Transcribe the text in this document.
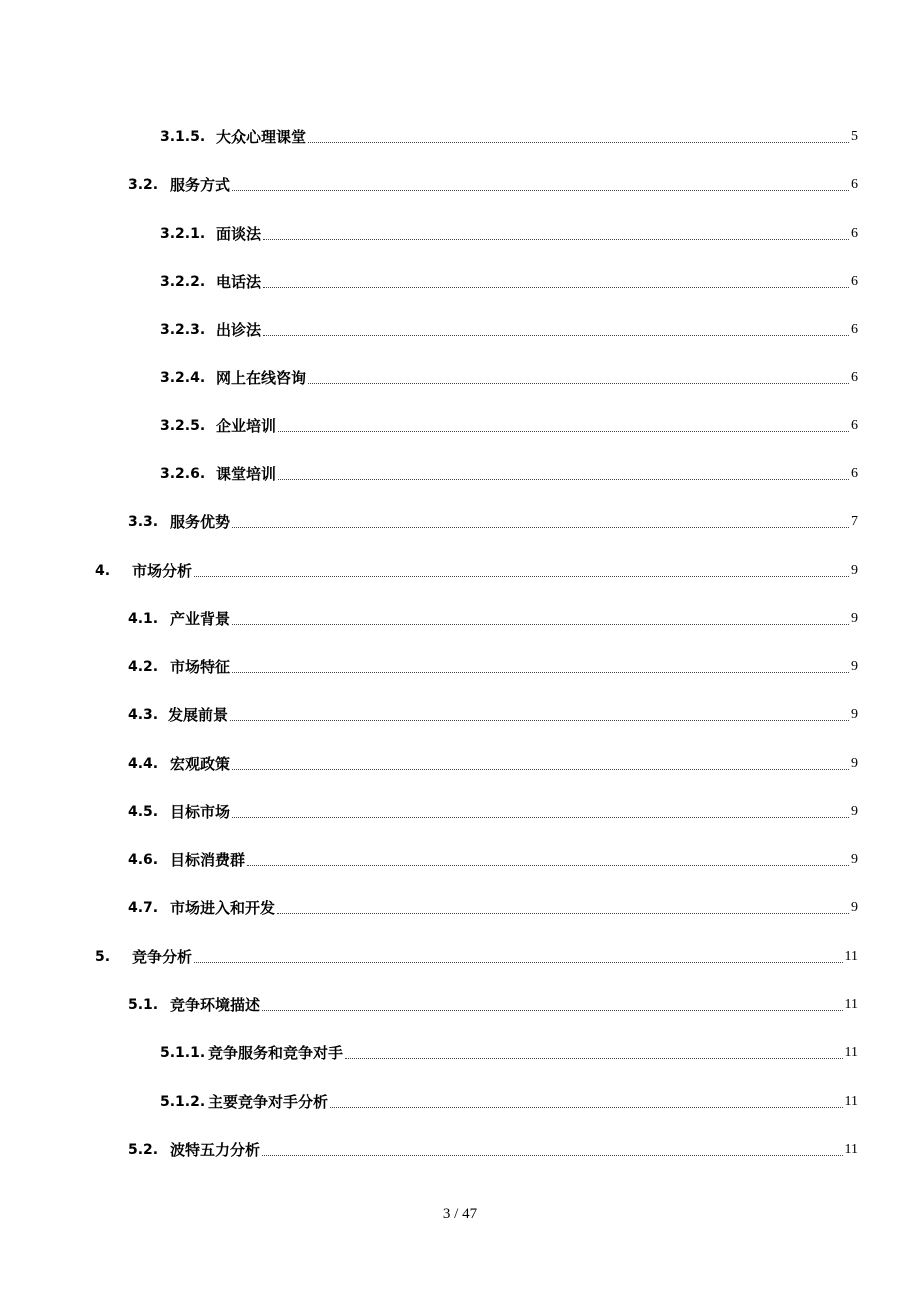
3.1.5. 大众心理课堂	5
3.2. 服务方式	6
3.2.1. 面谈法	6
3.2.2. 电话法	6
3.2.3. 出诊法	6
3.2.4. 网上在线咨询	6
3.2.5. 企业培训	6
3.2.6. 课堂培训	6
3.3. 服务优势	7
4. 市场分析	9
4.1. 产业背景	9
4.2. 市场特征	9
4.3. 发展前景	9
4.4. 宏观政策	9
4.5. 目标市场	9
4.6. 目标消费群	9
4.7. 市场进入和开发	9
5. 竞争分析	11
5.1. 竞争环境描述	11
5.1.1. 竞争服务和竞争对手	11
5.1.2. 主要竞争对手分析	11
5.2. 波特五力分析	11
3 / 47
